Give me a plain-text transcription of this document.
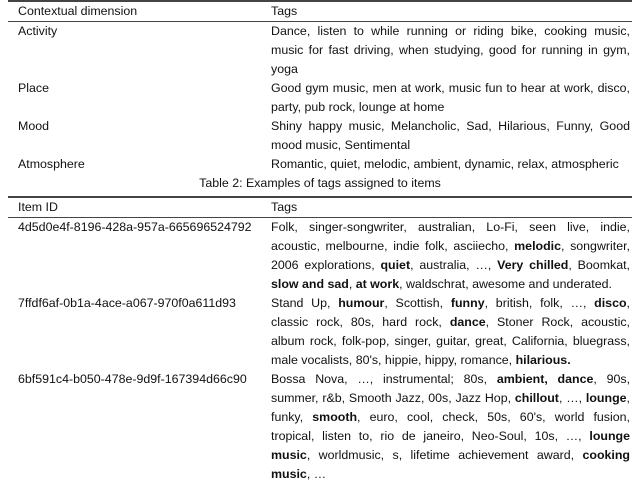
Contextual dimension	Tags
Activity	Dance, listen to while running or riding bike, cooking music, music for fast driving, when studying, good for running in gym, yoga
Place	Good gym music, men at work, music fun to hear at work, disco, party, pub rock, lounge at home
Mood	Shiny happy music, Melancholic, Sad, Hilarious, Funny, Good mood music, Sentimental
Atmosphere	Romantic, quiet, melodic, ambient, dynamic, relax, atmospheric
Table 2: Examples of tags assigned to items
Item ID	Tags
4d5d0e4f-8196-428a-957a-665696524792	Folk, singer-songwriter, australian, Lo-Fi, seen live, indie, acoustic, melbourne, indie folk, asciiecho, melodic, songwriter, 2006 explorations, quiet, australia, …, Very chilled, Boomkat, slow and sad, at work, waldschrat, awesome and underated.
7ffdf6af-0b1a-4ace-a067-970f0a611d93	Stand Up, humour, Scottish, funny, british, folk, …, disco, classic rock, 80s, hard rock, dance, Stoner Rock, acoustic, album rock, folk-pop, singer, guitar, great, California, bluegrass, male vocalists, 80's, hippie, hippy, romance, hilarious.
6bf591c4-b050-478e-9d9f-167394d66c90	Bossa Nova, …, instrumental; 80s, ambient, dance, 90s, summer, r&b, Smooth Jazz, 00s, Jazz Hop, chillout, …, lounge, funky, smooth, euro, cool, check, 50s, 60's, world fusion, tropical, listen to, rio de janeiro, Neo-Soul, 10s, …, lounge music, worldmusic, s, lifetime achievement award, cooking music, …
